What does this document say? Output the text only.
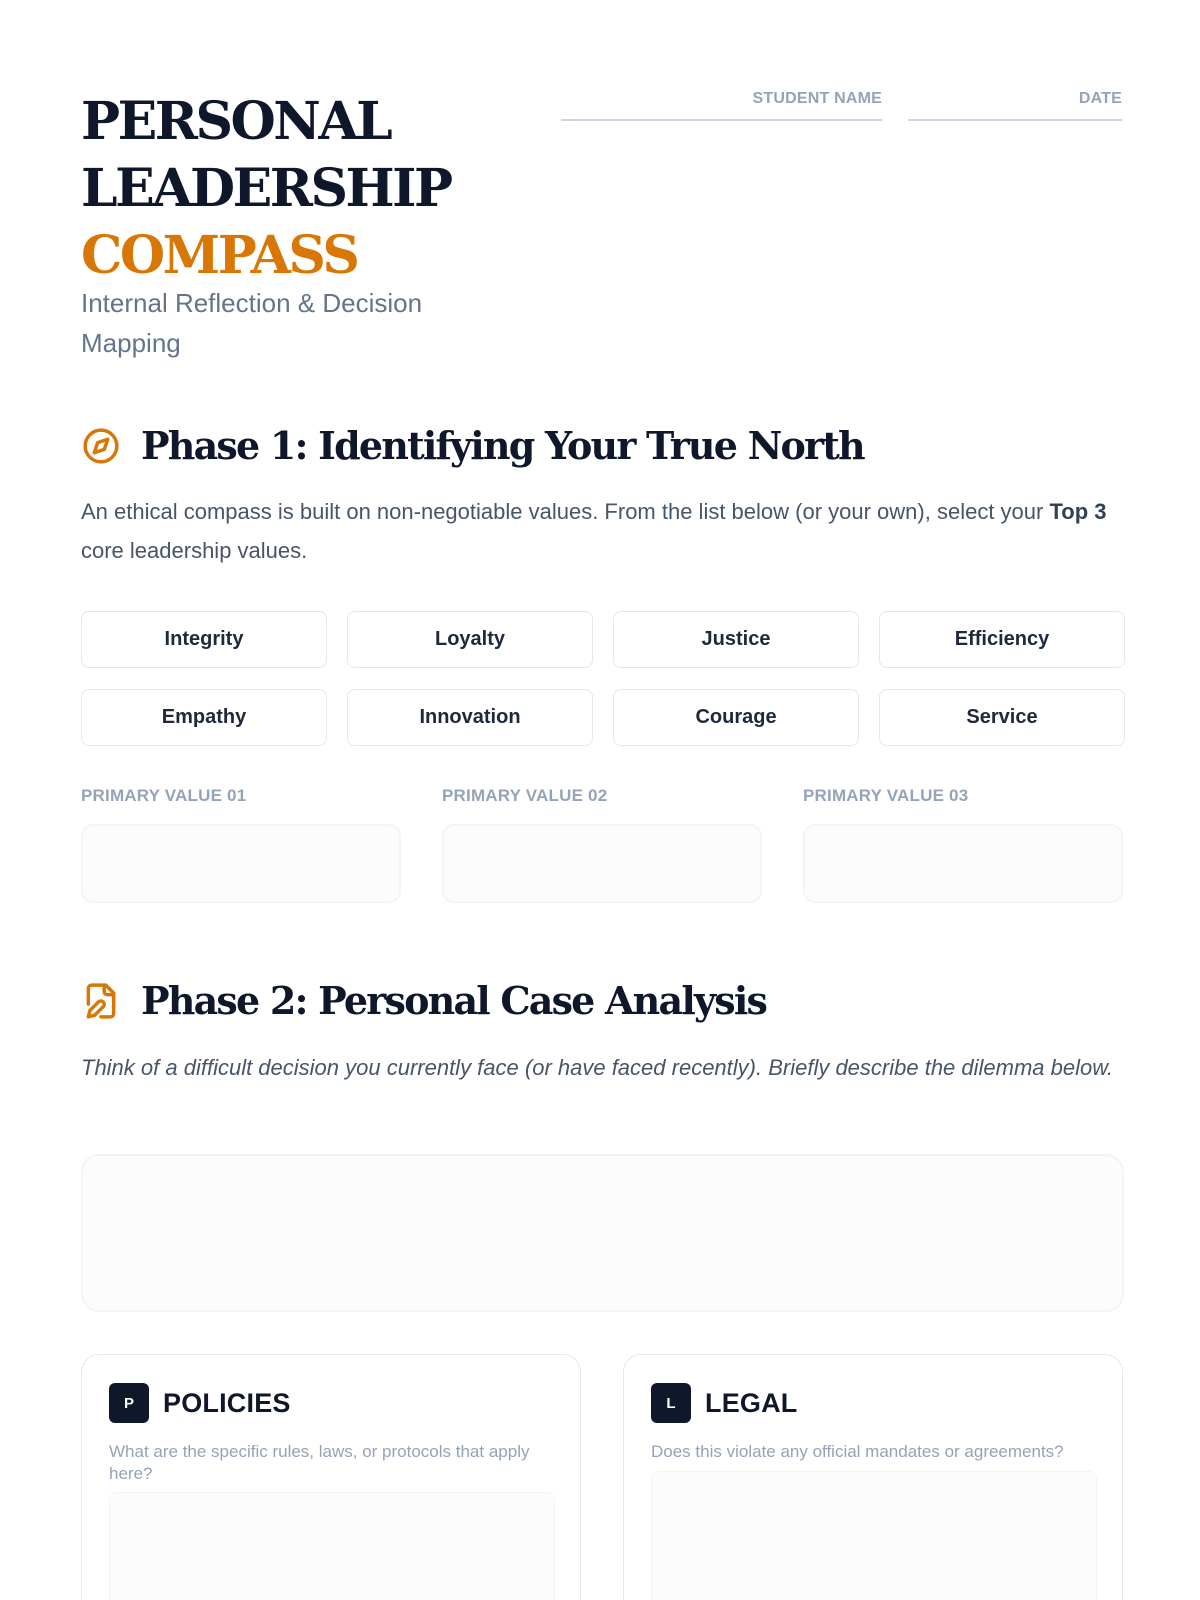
PERSONAL
LEADERSHIP
COMPASS
Internal Reflection & Decision Mapping
STUDENT NAME	DATE
Phase 1: Identifying Your True North

An ethical compass is built on non-negotiable values. From the list below (or your own), select your Top 3 core leadership values.

Integrity	Loyalty	Justice	Efficiency
Empathy	Innovation	Courage	Service
PRIMARY VALUE 01	PRIMARY VALUE 02	PRIMARY VALUE 03
Phase 2: Personal Case Analysis

Think of a difficult decision you currently face (or have faced recently). Briefly describe the dilemma below.

P	POLICIES
What are the specific rules, laws, or protocols that apply here?
L	LEGAL
Does this violate any official mandates or agreements?
